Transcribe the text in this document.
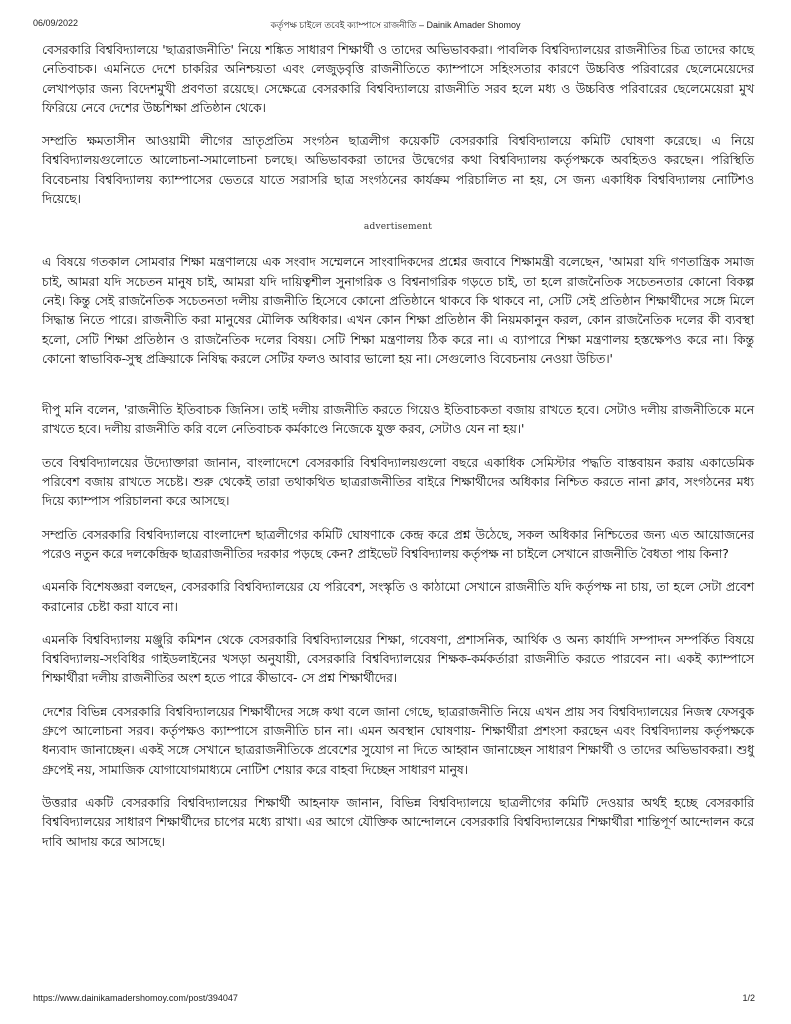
06/09/2022	কর্তৃপক্ষ চাইলে তবেই ক্যাম্পাসে রাজনীতি – Dainik Amader Shomoy

বেসরকারি বিশ্ববিদ্যালয়ে 'ছাত্ররাজনীতি' নিয়ে শঙ্কিত সাধারণ শিক্ষার্থী ও তাদের অভিভাবকরা। পাবলিক বিশ্ববিদ্যালয়ের রাজনীতির চিত্র তাদের কাছে নেতিবাচক। এমনিতে দেশে চাকরির অনিশ্চয়তা এবং লেজুড়বৃত্তি রাজনীতিতে ক্যাম্পাসে সহিংসতার কারণে উচ্চবিত্ত পরিবারের ছেলেমেয়েদের লেখাপড়ার জন্য বিদেশমুখী প্রবণতা রয়েছে। সেক্ষেত্রে বেসরকারি বিশ্ববিদ্যালয়ে রাজনীতি সরব হলে মধ্য ও উচ্চবিত্ত পরিবারের ছেলেমেয়েরা মুখ ফিরিয়ে নেবে দেশের উচ্চশিক্ষা প্রতিষ্ঠান থেকে।

সম্প্রতি ক্ষমতাসীন আওয়ামী লীগের ভ্রাতৃপ্রতিম সংগঠন ছাত্রলীগ কয়েকটি বেসরকারি বিশ্ববিদ্যালয়ে কমিটি ঘোষণা করেছে। এ নিয়ে বিশ্ববিদ্যালয়গুলোতে আলোচনা-সমালোচনা চলছে। অভিভাবকরা তাদের উদ্বেগের কথা বিশ্ববিদ্যালয় কর্তৃপক্ষকে অবহিতও করছেন। পরিস্থিতি বিবেচনায় বিশ্ববিদ্যালয় ক্যাম্পাসের ভেতরে যাতে সরাসরি ছাত্র সংগঠনের কার্যক্রম পরিচালিত না হয়, সে জন্য একাধিক বিশ্ববিদ্যালয় নোটিশও দিয়েছে।

advertisement

এ বিষয়ে গতকাল সোমবার শিক্ষা মন্ত্রণালয়ে এক সংবাদ সম্মেলনে সাংবাদিকদের প্রশ্নের জবাবে শিক্ষামন্ত্রী বলেছেন, 'আমরা যদি গণতান্ত্রিক সমাজ চাই, আমরা যদি সচেতন মানুষ চাই, আমরা যদি দায়িত্বশীল সুনাগরিক ও বিশ্বনাগরিক গড়তে চাই, তা হলে রাজনৈতিক সচেতনতার কোনো বিকল্প নেই। কিন্তু সেই রাজনৈতিক সচেতনতা দলীয় রাজনীতি হিসেবে কোনো প্রতিষ্ঠানে থাকবে কি থাকবে না, সেটি সেই প্রতিষ্ঠান শিক্ষার্থীদের সঙ্গে মিলে সিদ্ধান্ত নিতে পারে। রাজনীতি করা মানুষের মৌলিক অধিকার। এখন কোন শিক্ষা প্রতিষ্ঠান কী নিয়মকানুন করল, কোন রাজনৈতিক দলের কী ব্যবস্থা হলো, সেটি শিক্ষা প্রতিষ্ঠান ও রাজনৈতিক দলের বিষয়। সেটি শিক্ষা মন্ত্রণালয় ঠিক করে না। এ ব্যাপারে শিক্ষা মন্ত্রণালয় হস্তক্ষেপও করে না। কিন্তু কোনো স্বাভাবিক-সুস্থ প্রক্রিয়াকে নিষিদ্ধ করলে সেটির ফলও আবার ভালো হয় না। সেগুলোও বিবেচনায় নেওয়া উচিত।'

দীপু মনি বলেন, 'রাজনীতি ইতিবাচক জিনিস। তাই দলীয় রাজনীতি করতে গিয়েও ইতিবাচকতা বজায় রাখতে হবে। সেটাও দলীয় রাজনীতিকে মনে রাখতে হবে। দলীয় রাজনীতি করি বলে নেতিবাচক কর্মকাণ্ডে নিজেকে যুক্ত করব, সেটাও যেন না হয়।'

তবে বিশ্ববিদ্যালয়ের উদ্যোক্তারা জানান, বাংলাদেশে বেসরকারি বিশ্ববিদ্যালয়গুলো বছরে একাধিক সেমিস্টার পদ্ধতি বাস্তবায়ন করায় একাডেমিক পরিবেশ বজায় রাখতে সচেষ্ট। শুরু থেকেই তারা তথাকথিত ছাত্ররাজনীতির বাইরে শিক্ষার্থীদের অধিকার নিশ্চিত করতে নানা ক্লাব, সংগঠনের মধ্য দিয়ে ক্যাম্পাস পরিচালনা করে আসছে।

সম্প্রতি বেসরকারি বিশ্ববিদ্যালয়ে বাংলাদেশ ছাত্রলীগের কমিটি ঘোষণাকে কেন্দ্র করে প্রশ্ন উঠেছে, সকল অধিকার নিশ্চিতের জন্য এত আয়োজনের পরেও নতুন করে দলকেন্দ্রিক ছাত্ররাজনীতির দরকার পড়ছে কেন? প্রাইভেট বিশ্ববিদ্যালয় কর্তৃপক্ষ না চাইলে সেখানে রাজনীতি বৈধতা পায় কিনা?

এমনকি বিশেষজ্ঞরা বলছেন, বেসরকারি বিশ্ববিদ্যালয়ের যে পরিবেশ, সংস্কৃতি ও কাঠামো সেখানে রাজনীতি যদি কর্তৃপক্ষ না চায়, তা হলে সেটা প্রবেশ করানোর চেষ্টা করা যাবে না।

এমনকি বিশ্ববিদ্যালয় মঞ্জুরি কমিশন থেকে বেসরকারি বিশ্ববিদ্যালয়ের শিক্ষা, গবেষণা, প্রশাসনিক, আর্থিক ও অন্য কার্যাদি সম্পাদন সম্পর্কিত বিষয়ে বিশ্ববিদ্যালয়-সংবিধির গাইডলাইনের খসড়া অনুযায়ী, বেসরকারি বিশ্ববিদ্যালয়ের শিক্ষক-কর্মকর্তারা রাজনীতি করতে পারবেন না। একই ক্যাম্পাসে শিক্ষার্থীরা দলীয় রাজনীতির অংশ হতে পারে কীভাবে- সে প্রশ্ন শিক্ষার্থীদের।

দেশের বিভিন্ন বেসরকারি বিশ্ববিদ্যালয়ের শিক্ষার্থীদের সঙ্গে কথা বলে জানা গেছে, ছাত্ররাজনীতি নিয়ে এখন প্রায় সব বিশ্ববিদ্যালয়ের নিজস্ব ফেসবুক গ্রুপে আলোচনা সরব। কর্তৃপক্ষও ক্যাম্পাসে রাজনীতি চান না। এমন অবস্থান ঘোষণায়- শিক্ষার্থীরা প্রশংসা করছেন এবং বিশ্ববিদ্যালয় কর্তৃপক্ষকে ধন্যবাদ জানাচ্ছেন। একই সঙ্গে সেখানে ছাত্ররাজনীতিকে প্রবেশের সুযোগ না দিতে আহ্বান জানাচ্ছেন সাধারণ শিক্ষার্থী ও তাদের অভিভাবকরা। শুধু গ্রুপেই নয়, সামাজিক যোগাযোগমাধ্যমে নোটিশ শেয়ার করে বাহবা দিচ্ছেন সাধারণ মানুষ।

উত্তরার একটি বেসরকারি বিশ্ববিদ্যালয়ের শিক্ষার্থী আহনাফ জানান, বিভিন্ন বিশ্ববিদ্যালয়ে ছাত্রলীগের কমিটি দেওয়ার অর্থই হচ্ছে বেসরকারি বিশ্ববিদ্যালয়ের সাধারণ শিক্ষার্থীদের চাপের মধ্যে রাখা। এর আগে যৌক্তিক আন্দোলনে বেসরকারি বিশ্ববিদ্যালয়ের শিক্ষার্থীরা শান্তিপূর্ণ আন্দোলন করে দাবি আদায় করে আসছে।

https://www.dainikamadershomoy.com/post/394047	1/2
